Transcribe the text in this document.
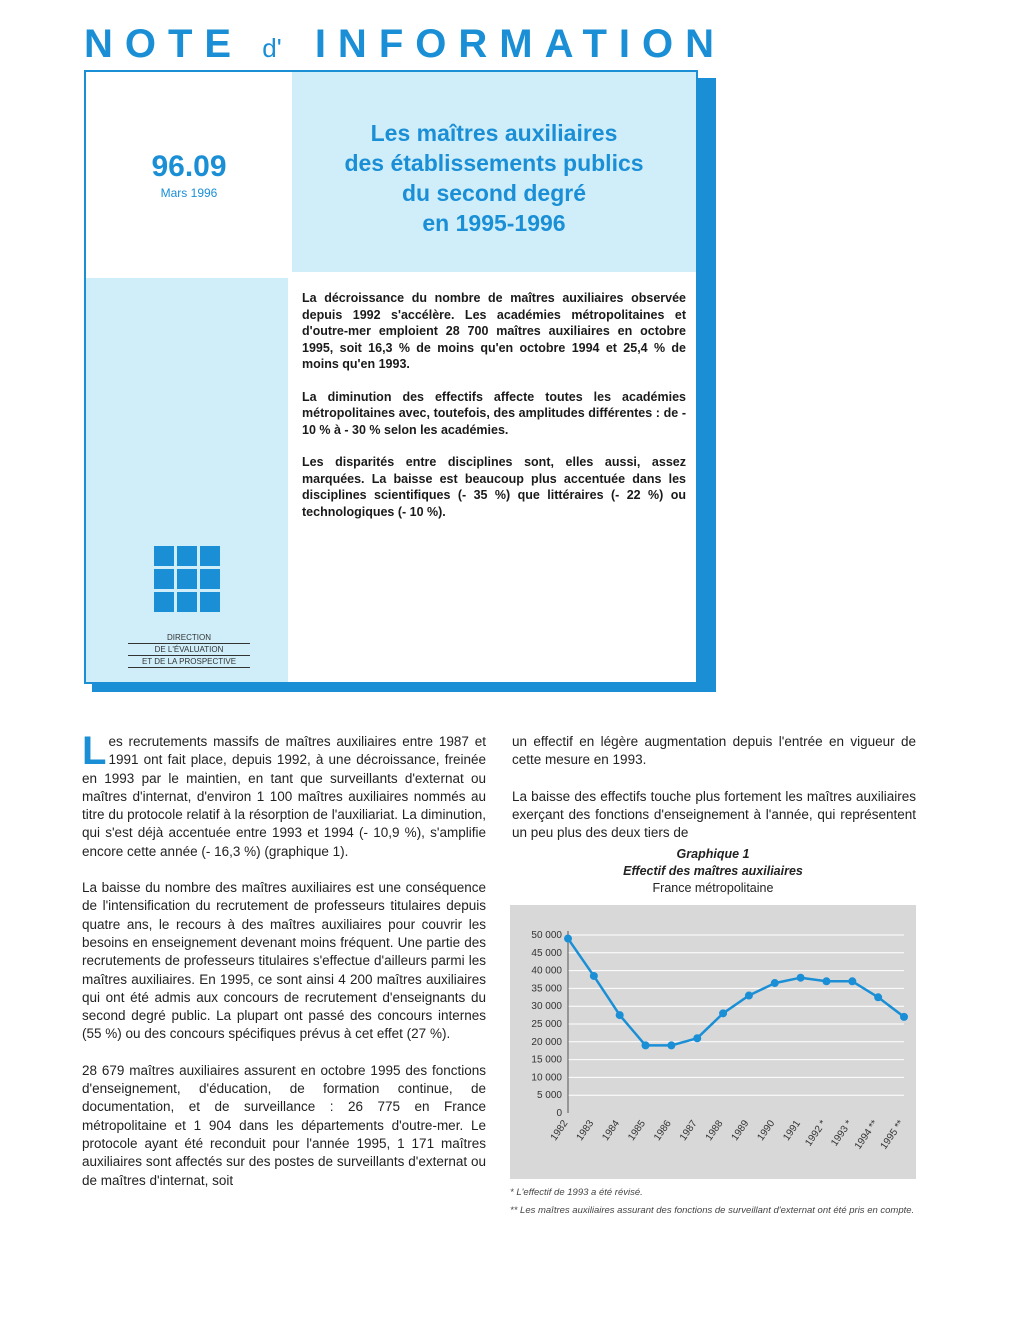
NOTE d' INFORMATION
96.09
Mars 1996
Les maîtres auxiliaires
des établissements publics
du second degré
en 1995-1996

La décroissance du nombre de maîtres auxiliaires observée depuis 1992 s'accélère. Les académies métropolitaines et d'outre-mer emploient 28 700 maîtres auxiliaires en octobre 1995, soit 16,3 % de moins qu'en octobre 1994 et 25,4 % de moins qu'en 1993.

La diminution des effectifs affecte toutes les académies métropolitaines avec, toutefois, des amplitudes différentes : de - 10 % à - 30 % selon les académies.

Les disparités entre disciplines sont, elles aussi, assez marquées. La baisse est beaucoup plus accentuée dans les disciplines scientifiques (- 35 %) que littéraires (- 22 %) ou technologiques (- 10 %).

DIRECTION
DE L'ÉVALUATION
ET DE LA PROSPECTIVE

Les recrutements massifs de maîtres auxiliaires entre 1987 et 1991 ont fait place, depuis 1992, à une décroissance, freinée en 1993 par le maintien, en tant que surveillants d'externat ou maîtres d'internat, d'environ 1 100 maîtres auxiliaires nommés au titre du protocole relatif à la résorption de l'auxiliariat. La diminution, qui s'est déjà accentuée entre 1993 et 1994 (- 10,9 %), s'amplifie encore cette année (- 16,3 %) (graphique 1).

La baisse du nombre des maîtres auxiliaires est une conséquence de l'intensification du recrutement de professeurs titulaires depuis quatre ans, le recours à des maîtres auxiliaires pour couvrir les besoins en enseignement devenant moins fréquent. Une partie des recrutements de professeurs titulaires s'effectue d'ailleurs parmi les maîtres auxiliaires. En 1995, ce sont ainsi 4 200 maîtres auxiliaires qui ont été admis aux concours de recrutement d'enseignants du second degré public. La plupart ont passé des concours internes (55 %) ou des concours spécifiques prévus à cet effet (27 %).

28 679 maîtres auxiliaires assurent en octobre 1995 des fonctions d'enseignement, d'éducation, de formation continue, de documentation, et de surveillance : 26 775 en France métropolitaine et 1 904 dans les départements d'outre-mer. Le protocole ayant été reconduit pour l'année 1995, 1 171 maîtres auxiliaires sont affectés sur des postes de surveillants d'externat ou de maîtres d'internat, soit

un effectif en légère augmentation depuis l'entrée en vigueur de cette mesure en 1993.

La baisse des effectifs touche plus fortement les maîtres auxiliaires exerçant des fonctions d'enseignement à l'année, qui représentent un peu plus des deux tiers de

Graphique 1
Effectif des maîtres auxiliaires
France métropolitaine
0
5 000
10 000
15 000
20 000
25 000
30 000
35 000
40 000
45 000
50 000
1982 1983 1984 1985 1986 1987 1988 1989 1990 1991 1992 * 1993 *
1994 **
1995 **
* L'effectif de 1993 a été révisé.
** Les maîtres auxiliaires assurant des fonctions de surveillant d'externat ont été pris en compte.
